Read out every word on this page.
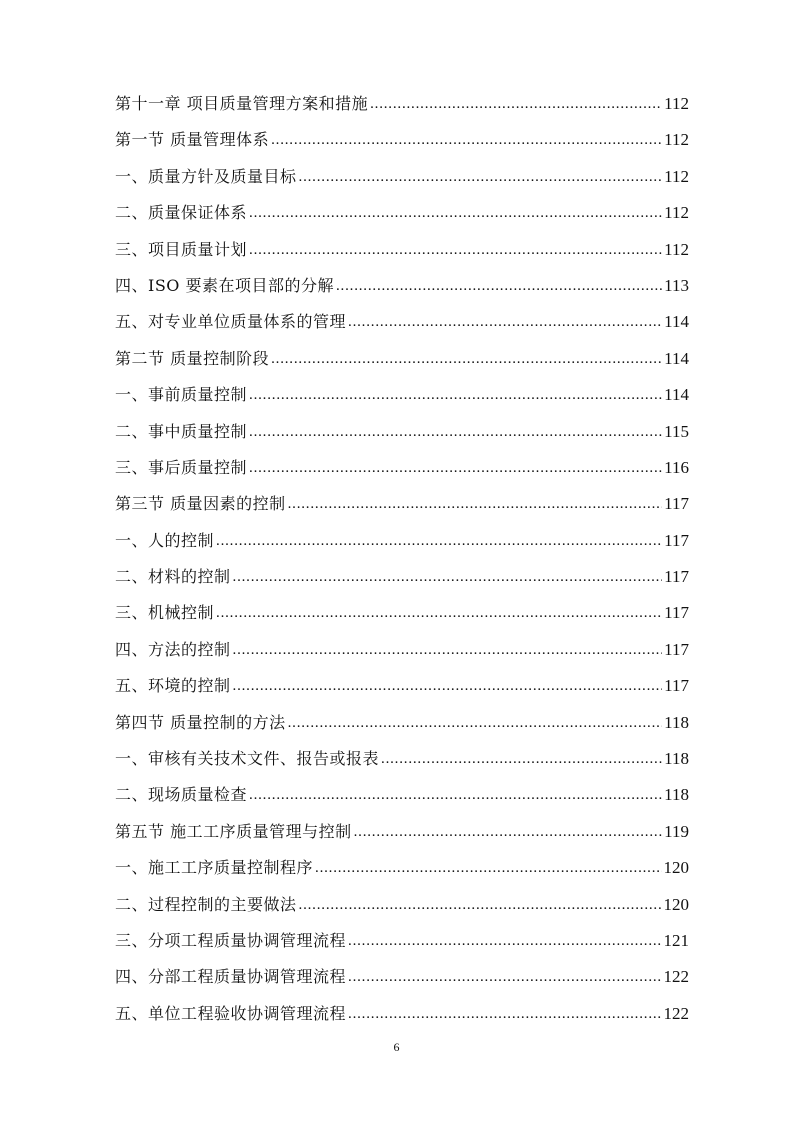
第十一章 项目质量管理方案和措施 .....	112
第一节 质量管理体系 .....	112
一、质量方针及质量目标 .....	112
二、质量保证体系 .....	112
三、项目质量计划 .....	112
四、ISO 要素在项目部的分解 .....	113
五、对专业单位质量体系的管理 .....	114
第二节 质量控制阶段 .....	114
一、事前质量控制 .....	114
二、事中质量控制 .....	115
三、事后质量控制 .....	116
第三节 质量因素的控制 .....	117
一、人的控制 .....	117
二、材料的控制 .....	117
三、机械控制 .....	117
四、方法的控制 .....	117
五、环境的控制 .....	117
第四节 质量控制的方法 .....	118
一、审核有关技术文件、报告或报表 .....	118
二、现场质量检查 .....	118
第五节 施工工序质量管理与控制 .....	119
一、施工工序质量控制程序 .....	120
二、过程控制的主要做法 .....	120
三、分项工程质量协调管理流程 .....	121
四、分部工程质量协调管理流程 .....	122
五、单位工程验收协调管理流程 .....	122
6
